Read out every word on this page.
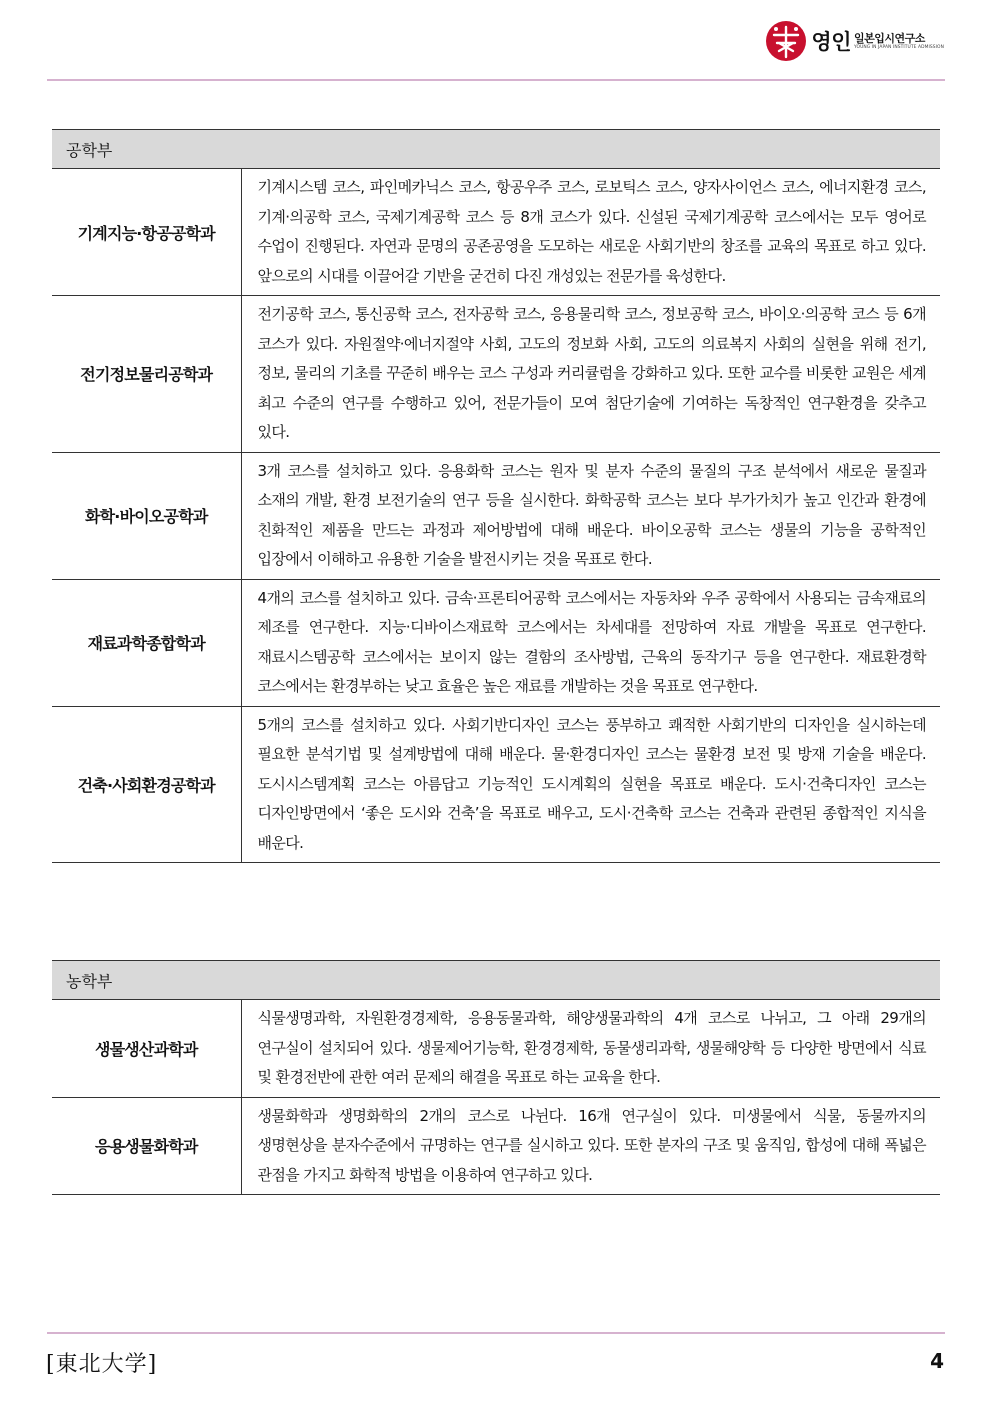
영인 일본입시연구소
YOUNG IN JAPAN INSTITUTE ADMISSION
공학부	
기계지능·항공공학과	기계시스템 코스, 파인메카닉스 코스, 항공우주 코스, 로보틱스 코스, 양자사이언스 코스, 에너지환경 코스, 기계·의공학 코스, 국제기계공학 코스 등 8개 코스가 있다. 신설된 국제기계공학 코스에서는 모두 영어로 수업이 진행된다. 자연과 문명의 공존공영을 도모하는 새로운 사회기반의 창조를 교육의 목표로 하고 있다. 앞으로의 시대를 이끌어갈 기반을 굳건히 다진 개성있는 전문가를 육성한다.
전기정보물리공학과	전기공학 코스, 통신공학 코스, 전자공학 코스, 응용물리학 코스, 정보공학 코스, 바이오·의공학 코스 등 6개 코스가 있다. 자원절약·에너지절약 사회, 고도의 정보화 사회, 고도의 의료복지 사회의 실현을 위해 전기, 정보, 물리의 기초를 꾸준히 배우는 코스 구성과 커리큘럼을 강화하고 있다. 또한 교수를 비롯한 교원은 세계 최고 수준의 연구를 수행하고 있어, 전문가들이 모여 첨단기술에 기여하는 독창적인 연구환경을 갖추고 있다.
화학·바이오공학과	3개 코스를 설치하고 있다. 응용화학 코스는 원자 및 분자 수준의 물질의 구조 분석에서 새로운 물질과 소재의 개발, 환경 보전기술의 연구 등을 실시한다. 화학공학 코스는 보다 부가가치가 높고 인간과 환경에 친화적인 제품을 만드는 과정과 제어방법에 대해 배운다. 바이오공학 코스는 생물의 기능을 공학적인 입장에서 이해하고 유용한 기술을 발전시키는 것을 목표로 한다.
재료과학종합학과	4개의 코스를 설치하고 있다. 금속·프론티어공학 코스에서는 자동차와 우주 공학에서 사용되는 금속재료의 제조를 연구한다. 지능·디바이스재료학 코스에서는 차세대를 전망하여 자료 개발을 목표로 연구한다. 재료시스템공학 코스에서는 보이지 않는 결함의 조사방법, 근육의 동작기구 등을 연구한다. 재료환경학 코스에서는 환경부하는 낮고 효율은 높은 재료를 개발하는 것을 목표로 연구한다.
건축·사회환경공학과	5개의 코스를 설치하고 있다. 사회기반디자인 코스는 풍부하고 쾌적한 사회기반의 디자인을 실시하는데 필요한 분석기법 및 설계방법에 대해 배운다. 물·환경디자인 코스는 물환경 보전 및 방재 기술을 배운다. 도시시스템계획 코스는 아름답고 기능적인 도시계획의 실현을 목표로 배운다. 도시·건축디자인 코스는 디자인방면에서 ‘좋은 도시와 건축’을 목표로 배우고, 도시·건축학 코스는 건축과 관련된 종합적인 지식을 배운다.
농학부	
생물생산과학과	식물생명과학, 자원환경경제학, 응용동물과학, 해양생물과학의 4개 코스로 나뉘고, 그 아래 29개의 연구실이 설치되어 있다. 생물제어기능학, 환경경제학, 동물생리과학, 생물해양학 등 다양한 방면에서 식료 및 환경전반에 관한 여러 문제의 해결을 목표로 하는 교육을 한다.
응용생물화학과	생물화학과 생명화학의 2개의 코스로 나뉜다. 16개 연구실이 있다. 미생물에서 식물, 동물까지의 생명현상을 분자수준에서 규명하는 연구를 실시하고 있다. 또한 분자의 구조 및 움직임, 합성에 대해 폭넓은 관점을 가지고 화학적 방법을 이용하여 연구하고 있다.
[東北大学]	4
